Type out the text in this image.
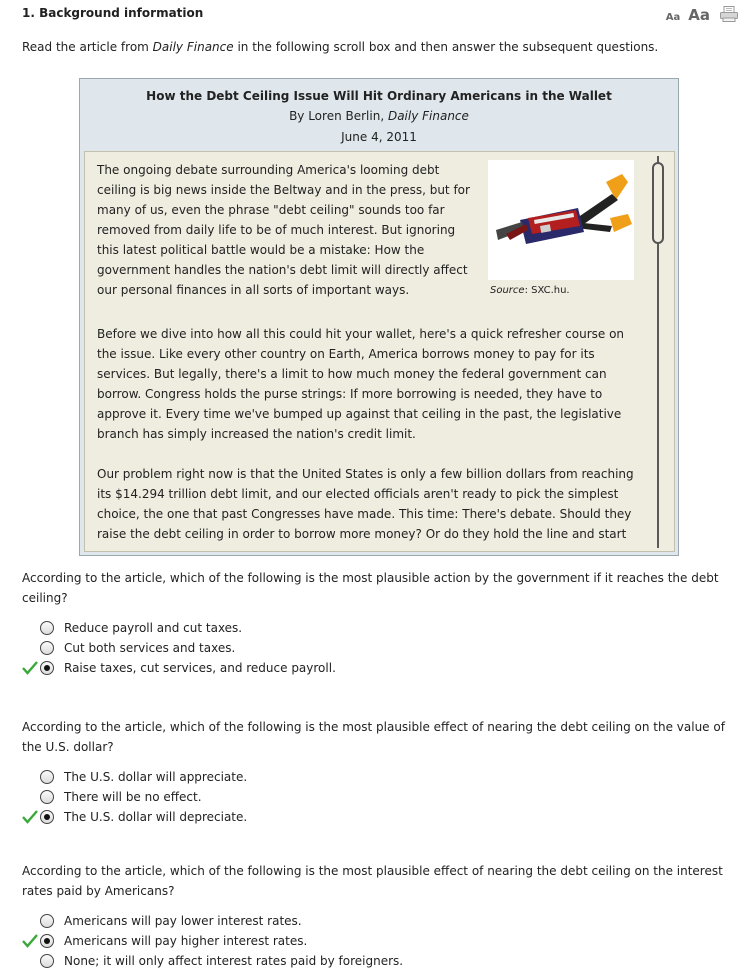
1. Background information	Aa Aa
Read the article from Daily Finance in the following scroll box and then answer the subsequent questions.
How the Debt Ceiling Issue Will Hit Ordinary Americans in the Wallet
By Loren Berlin, Daily Finance
June 4, 2011

The ongoing debate surrounding America's looming debt ceiling is big news inside the Beltway and in the press, but for many of us, even the phrase "debt ceiling" sounds too far removed from daily life to be of much interest. But ignoring this latest political battle would be a mistake: How the government handles the nation's debt limit will directly affect our personal finances in all sorts of important ways.

Before we dive into how all this could hit your wallet, here's a quick refresher course on the issue. Like every other country on Earth, America borrows money to pay for its services. But legally, there's a limit to how much money the federal government can borrow. Congress holds the purse strings: If more borrowing is needed, they have to approve it. Every time we've bumped up against that ceiling in the past, the legislative branch has simply increased the nation's credit limit.

Our problem right now is that the United States is only a few billion dollars from reaching its $14.294 trillion debt limit, and our elected officials aren't ready to pick the simplest choice, the one that past Congresses have made. This time: There's debate. Should they raise the debt ceiling in order to borrow more money? Or do they hold the line and start

Source: SXC.hu.
According to the article, which of the following is the most plausible action by the government if it reaches the debt ceiling?
Reduce payroll and cut taxes.
Cut both services and taxes.
Raise taxes, cut services, and reduce payroll.
According to the article, which of the following is the most plausible effect of nearing the debt ceiling on the value of the U.S. dollar?
The U.S. dollar will appreciate.
There will be no effect.
The U.S. dollar will depreciate.
According to the article, which of the following is the most plausible effect of nearing the debt ceiling on the interest rates paid by Americans?
Americans will pay lower interest rates.
Americans will pay higher interest rates.
None; it will only affect interest rates paid by foreigners.
